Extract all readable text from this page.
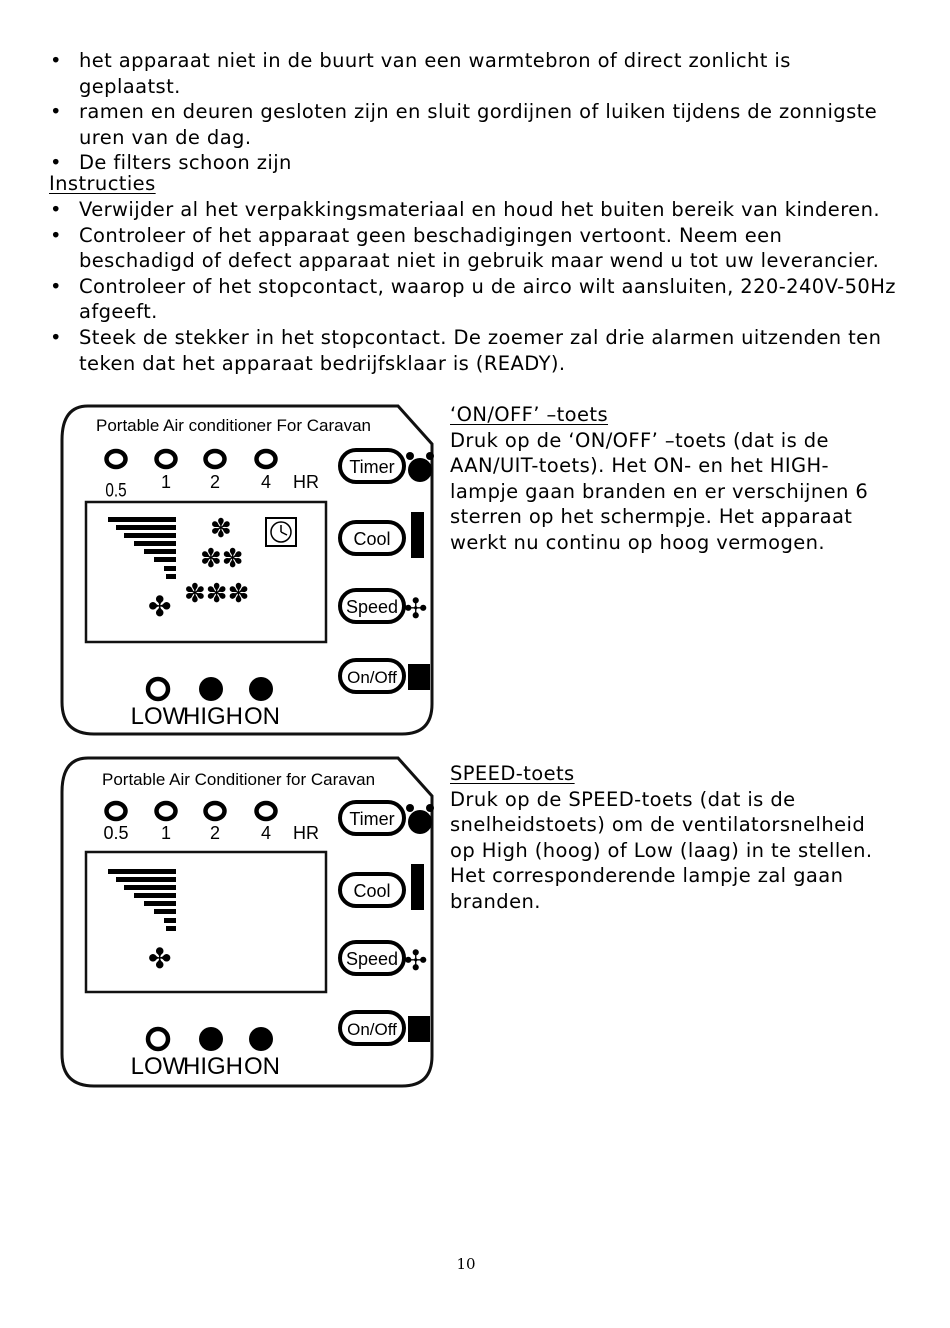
• het apparaat niet in de buurt van een warmtebron of direct zonlicht is geplaatst.
• ramen en deuren gesloten zijn en sluit gordijnen of luiken tijdens de zonnigste uren van de dag.
• De filters schoon zijn
Instructies
• Verwijder al het verpakkingsmateriaal en houd het buiten bereik van kinderen.
• Controleer of het apparaat geen beschadigingen vertoont. Neem een beschadigd of defect apparaat niet in gebruik maar wend u tot uw leverancier.
• Controleer of het stopcontact, waarop u de airco wilt aansluiten, 220-240V-50Hz afgeeft.
• Steek de stekker in het stopcontact. De zoemer zal drie alarmen uitzenden ten teken dat het apparaat bedrijfsklaar is (READY).
Portable Air conditioner For Caravan
0.5 1 2 4 HR
✽
✽✽
✽✽✽
✤
Timer
Cool
Speed ✣
On/Off
LOW
HIGH ON

‘ON/OFF’ –toets

Druk op de ‘ON/OFF’ –toets (dat is de AAN/UIT-toets). Het ON- en het HIGH-lampje gaan branden en er verschijnen 6 sterren op het schermpje. Het apparaat werkt nu continu op hoog vermogen.

Portable Air Conditioner for Caravan
0.5 1 2 4 HR
✤
Timer
Cool
Speed ✣
On/Off
LOW
HIGH ON

SPEED-toets

Druk op de SPEED-toets (dat is de snelheidstoets) om de ventilatorsnelheid op High (hoog) of Low (laag) in te stellen. Het corresponderende lampje zal gaan branden.

10
